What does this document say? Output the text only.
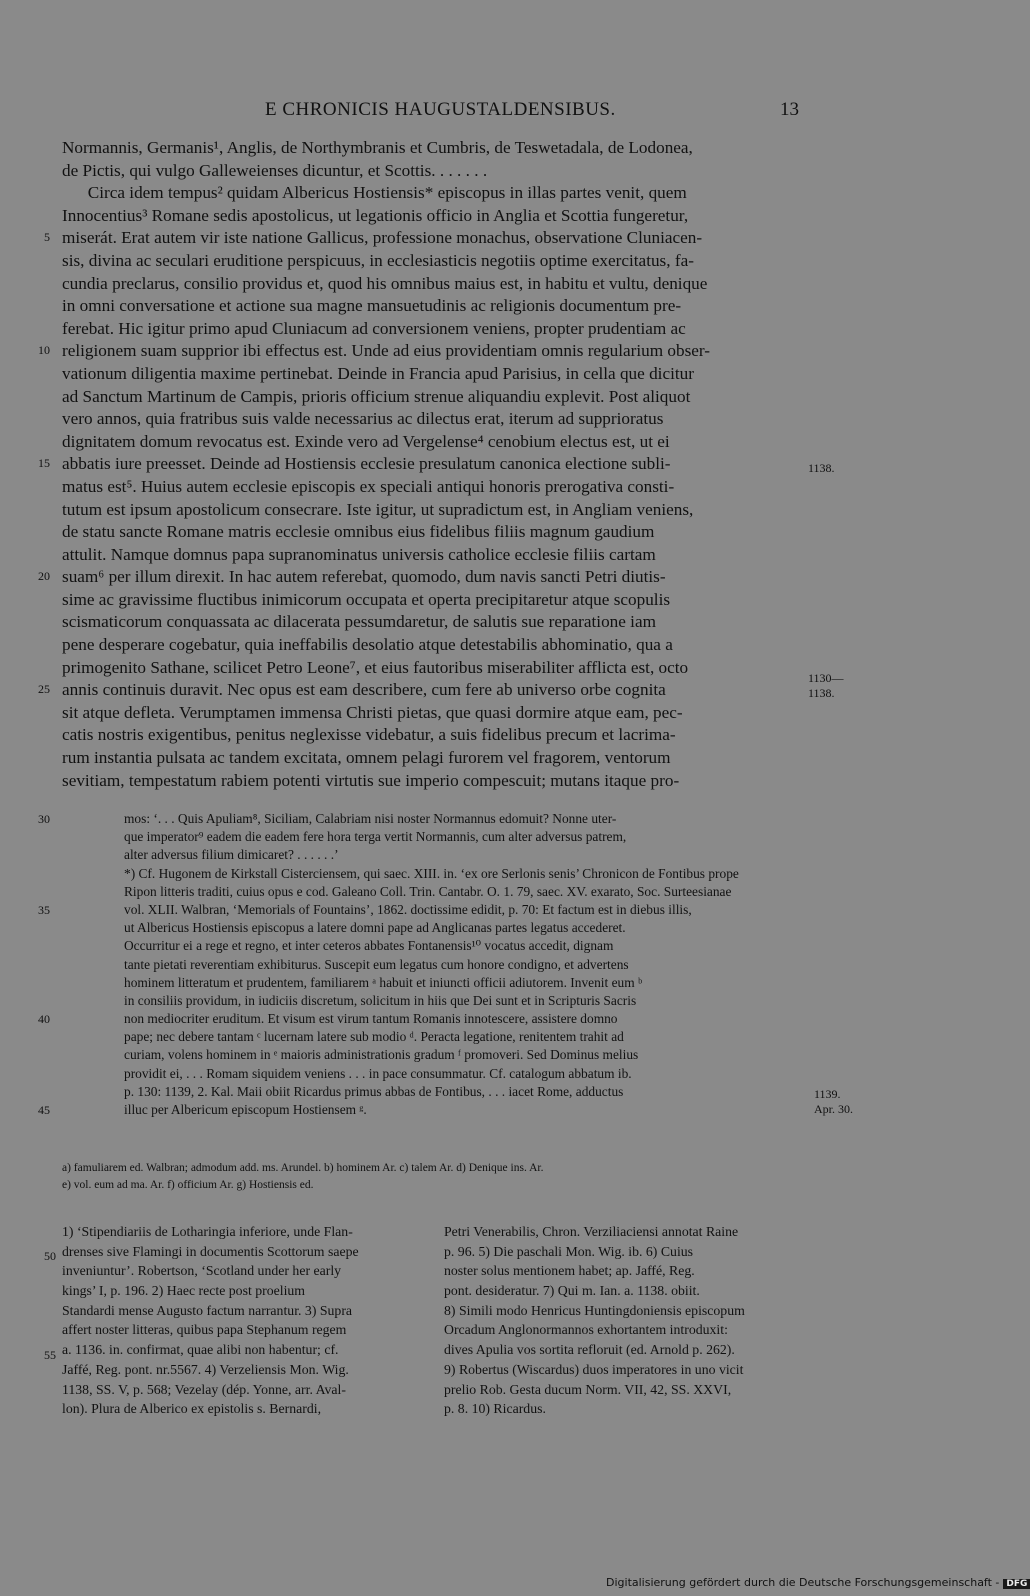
E CHRONICIS HAUGUSTALDENSIBUS.	13
Normannis, Germanis¹, Anglis, de Northymbranis et Cumbris, de Teswetadala, de Lodonea,
de Pictis, qui vulgo Galleweienses dicuntur, et Scottis. . . . . . .
Circa idem tempus² quidam Albericus Hostiensis* episcopus in illas partes venit, quem
Innocentius³ Romane sedis apostolicus, ut legationis officio in Anglia et Scottia fungeretur,
miserát. Erat autem vir iste natione Gallicus, professione monachus, observatione Cluniacen-
sis, divina ac seculari eruditione perspicuus, in ecclesiasticis negotiis optime exercitatus, fa-
cundia preclarus, consilio providus et, quod his omnibus maius est, in habitu et vultu, denique
in omni conversatione et actione sua magne mansuetudinis ac religionis documentum pre-
ferebat. Hic igitur primo apud Cluniacum ad conversionem veniens, propter prudentiam ac
religionem suam supprior ibi effectus est. Unde ad eius providentiam omnis regularium obser-
vationum diligentia maxime pertinebat. Deinde in Francia apud Parisius, in cella que dicitur
ad Sanctum Martinum de Campis, prioris officium strenue aliquandiu explevit. Post aliquot
vero annos, quia fratribus suis valde necessarius ac dilectus erat, iterum ad supprioratus
dignitatem domum revocatus est. Exinde vero ad Vergelense⁴ cenobium electus est, ut ei
abbatis iure preesset. Deinde ad Hostiensis ecclesie presulatum canonica electione subli-
matus est⁵. Huius autem ecclesie episcopis ex speciali antiqui honoris prerogativa consti-
tutum est ipsum apostolicum consecrare. Iste igitur, ut supradictum est, in Angliam veniens,
de statu sancte Romane matris ecclesie omnibus eius fidelibus filiis magnum gaudium
attulit. Namque domnus papa supranominatus universis catholice ecclesie filiis cartam
suam⁶ per illum direxit. In hac autem referebat, quomodo, dum navis sancti Petri diutis-
sime ac gravissime fluctibus inimicorum occupata et operta precipitaretur atque scopulis
scismaticorum conquassata ac dilacerata pessumdaretur, de salutis sue reparatione iam
pene desperare cogebatur, quia ineffabilis desolatio atque detestabilis abhominatio, qua a
primogenito Sathane, scilicet Petro Leone⁷, et eius fautoribus miserabiliter afflicta est, octo
annis continuis duravit. Nec opus est eam describere, cum fere ab universo orbe cognita
sit atque defleta. Verumptamen immensa Christi pietas, que quasi dormire atque eam, pec-
catis nostris exigentibus, penitus neglexisse videbatur, a suis fidelibus precum et lacrima-
rum instantia pulsata ac tandem excitata, omnem pelagi furorem vel fragorem, ventorum
sevitiam, tempestatum rabiem potenti virtutis sue imperio compescuit; mutans itaque pro-
5
10
15
20
25
1138.
1130—
1138.
mos: ‘. . . Quis Apuliam⁸, Siciliam, Calabriam nisi noster Normannus edomuit? Nonne uter-
que imperator⁹ eadem die eadem fere hora terga vertit Normannis, cum alter adversus patrem,
alter adversus filium dimicaret? . . . . . .’
*) Cf. Hugonem de Kirkstall Cisterciensem, qui saec. XIII. in. ‘ex ore Serlonis senis’ Chronicon de Fontibus prope
Ripon litteris traditi, cuius opus e cod. Galeano Coll. Trin. Cantabr. O. 1. 79, saec. XV. exarato, Soc. Surteesianae
vol. XLII. Walbran, ‘Memorials of Fountains’, 1862. doctissime edidit, p. 70: Et factum est in diebus illis,
ut Albericus Hostiensis episcopus a latere domni pape ad Anglicanas partes legatus accederet.
Occurritur ei a rege et regno, et inter ceteros abbates Fontanensis¹⁰ vocatus accedit, dignam
tante pietati reverentiam exhibiturus. Suscepit eum legatus cum honore condigno, et advertens
hominem litteratum et prudentem, familiarem ᵃ habuit et iniuncti officii adiutorem. Invenit eum ᵇ
in consiliis providum, in iudiciis discretum, solicitum in hiis que Dei sunt et in Scripturis Sacris
non mediocriter eruditum. Et visum est virum tantum Romanis innotescere, assistere domno
pape; nec debere tantam ᶜ lucernam latere sub modio ᵈ. Peracta legatione, renitentem trahit ad
curiam, volens hominem in ᵉ maioris administrationis gradum ᶠ promoveri. Sed Dominus melius
providit ei, . . . Romam siquidem veniens . . . in pace consummatur. Cf. catalogum abbatum ib.
p. 130: 1139, 2. Kal. Maii obiit Ricardus primus abbas de Fontibus, . . . iacet Rome, adductus
illuc per Albericum episcopum Hostiensem ᵍ.
30
35
40
45
1139.
Apr. 30.
a) famuliarem ed. Walbran; admodum add. ms. Arundel. b) hominem Ar. c) talem Ar. d) Denique ins. Ar.
e) vol. eum ad ma. Ar. f) officium Ar. g) Hostiensis ed.
1) ‘Stipendiariis de Lotharingia inferiore, unde Flan-
drenses sive Flamingi in documentis Scottorum saepe
inveniuntur’. Robertson, ‘Scotland under her early
kings’ I, p. 196. 2) Haec recte post proelium
Standardi mense Augusto factum narrantur. 3) Supra
affert noster litteras, quibus papa Stephanum regem
a. 1136. in. confirmat, quae alibi non habentur; cf.
Jaffé, Reg. pont. nr.5567. 4) Verzeliensis Mon. Wig.
1138, SS. V, p. 568; Vezelay (dép. Yonne, arr. Aval-
lon). Plura de Alberico ex epistolis s. Bernardi,
Petri Venerabilis, Chron. Verziliaciensi annotat Raine
p. 96. 5) Die paschali Mon. Wig. ib. 6) Cuius
noster solus mentionem habet; ap. Jaffé, Reg.
pont. desideratur. 7) Qui m. Ian. a. 1138. obiit.
8) Simili modo Henricus Huntingdoniensis episcopum
Orcadum Anglonormannos exhortantem introduxit:
dives Apulia vos sortita refloruit (ed. Arnold p. 262).
9) Robertus (Wiscardus) duos imperatores in uno vicit
prelio Rob. Gesta ducum Norm. VII, 42, SS. XXVI,
p. 8. 10) Ricardus.
50
55
Digitalisierung gefördert durch die Deutsche Forschungsgemeinschaft - DFG
